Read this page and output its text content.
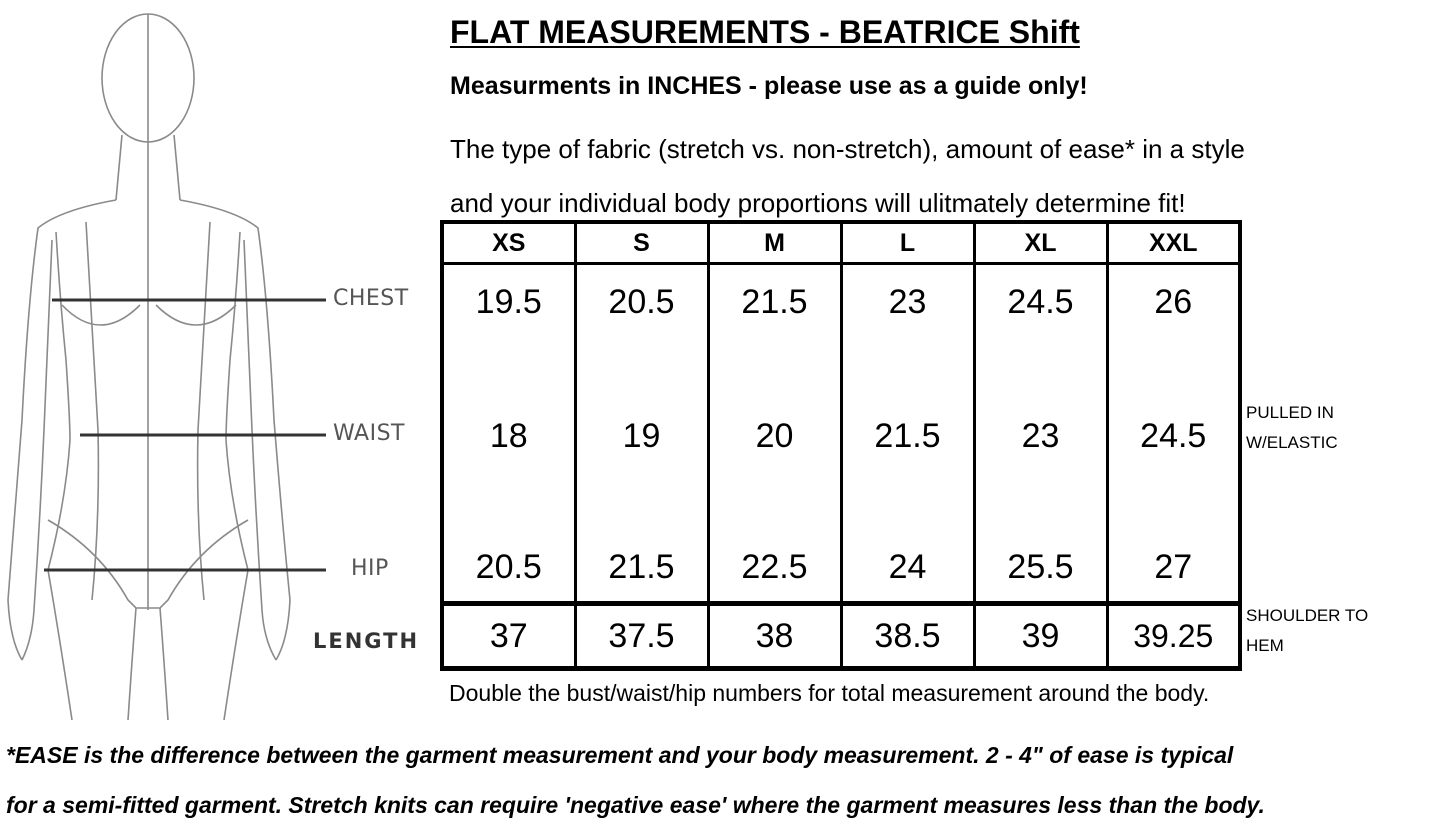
CHEST
WAIST
HIP
LENGTH
FLAT MEASUREMENTS - BEATRICE Shift
Measurments in INCHES - please use as a guide only!
The type of fabric (stretch vs. non-stretch), amount of ease* in a style
and your individual body proportions will ulitmately determine fit!
XS	S	M	L	XL	XXL
19.5	20.5	21.5	23	24.5	26
18	19	20	21.5	23	24.5
20.5	21.5	22.5	24	25.5	27
37	37.5	38	38.5	39	39.25
PULLED IN
W/ELASTIC
SHOULDER TO
HEM
Double the bust/waist/hip numbers for total measurement around the body.
*EASE is the difference between the garment measurement and your body measurement. 2 - 4" of ease is typical
for a semi-fitted garment. Stretch knits can require 'negative ease' where the garment measures less than the body.
